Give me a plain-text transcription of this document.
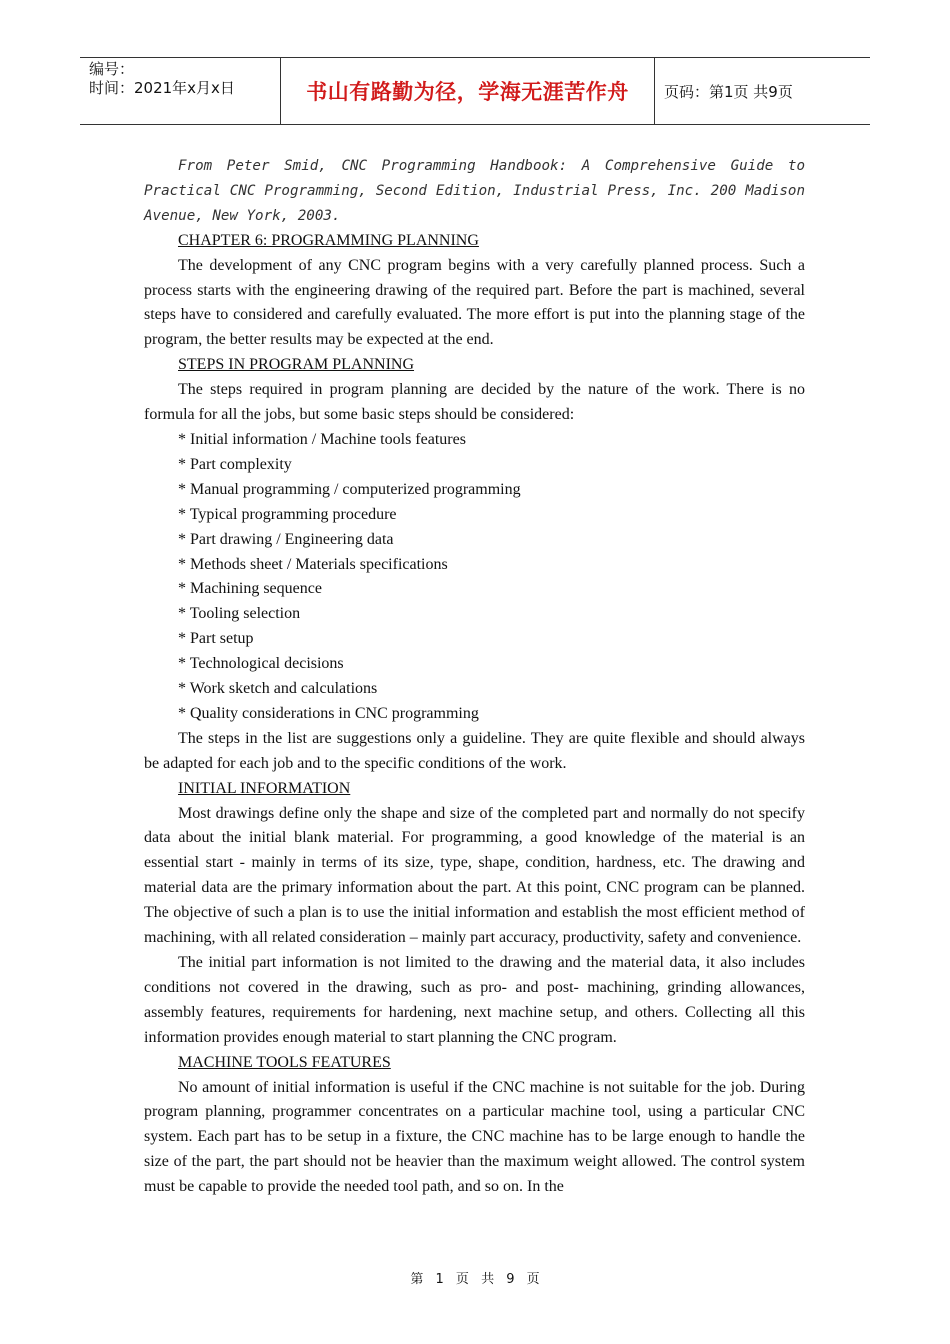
编号：
时间：2021年x月x日	书山有路勤为径，学海无涯苦作舟	页码：第1页 共9页

From Peter Smid, CNC Programming Handbook: A Comprehensive Guide to Practical CNC Programming, Second Edition, Industrial Press, Inc. 200 Madison Avenue, New York, 2003.

CHAPTER 6: PROGRAMMING PLANNING

The development of any CNC program begins with a very carefully planned process. Such a process starts with the engineering drawing of the required part. Before the part is machined, several steps have to considered and carefully evaluated. The more effort is put into the planning stage of the program, the better results may be expected at the end.

STEPS IN PROGRAM PLANNING

The steps required in program planning are decided by the nature of the work. There is no formula for all the jobs, but some basic steps should be considered:

* Initial information / Machine tools features

* Part complexity

* Manual programming / computerized programming

* Typical programming procedure

* Part drawing / Engineering data

* Methods sheet / Materials specifications

* Machining sequence

* Tooling selection

* Part setup

* Technological decisions

* Work sketch and calculations

* Quality considerations in CNC programming

The steps in the list are suggestions only a guideline. They are quite flexible and should always be adapted for each job and to the specific conditions of the work.

INITIAL INFORMATION

Most drawings define only the shape and size of the completed part and normally do not specify data about the initial blank material. For programming, a good knowledge of the material is an essential start - mainly in terms of its size, type, shape, condition, hardness, etc. The drawing and material data are the primary information about the part. At this point, CNC program can be planned. The objective of such a plan is to use the initial information and establish the most efficient method of machining, with all related consideration – mainly part accuracy, productivity, safety and convenience.

The initial part information is not limited to the drawing and the material data, it also includes conditions not covered in the drawing, such as pro- and post- machining, grinding allowances, assembly features, requirements for hardening, next machine setup, and others. Collecting all this information provides enough material to start planning the CNC program.

MACHINE TOOLS FEATURES

No amount of initial information is useful if the CNC machine is not suitable for the job. During program planning, programmer concentrates on a particular machine tool, using a particular CNC system. Each part has to be setup in a fixture, the CNC machine has to be large enough to handle the size of the part, the part should not be heavier than the maximum weight allowed. The control system must be capable to provide the needed tool path, and so on. In the

第 1 页 共 9 页
